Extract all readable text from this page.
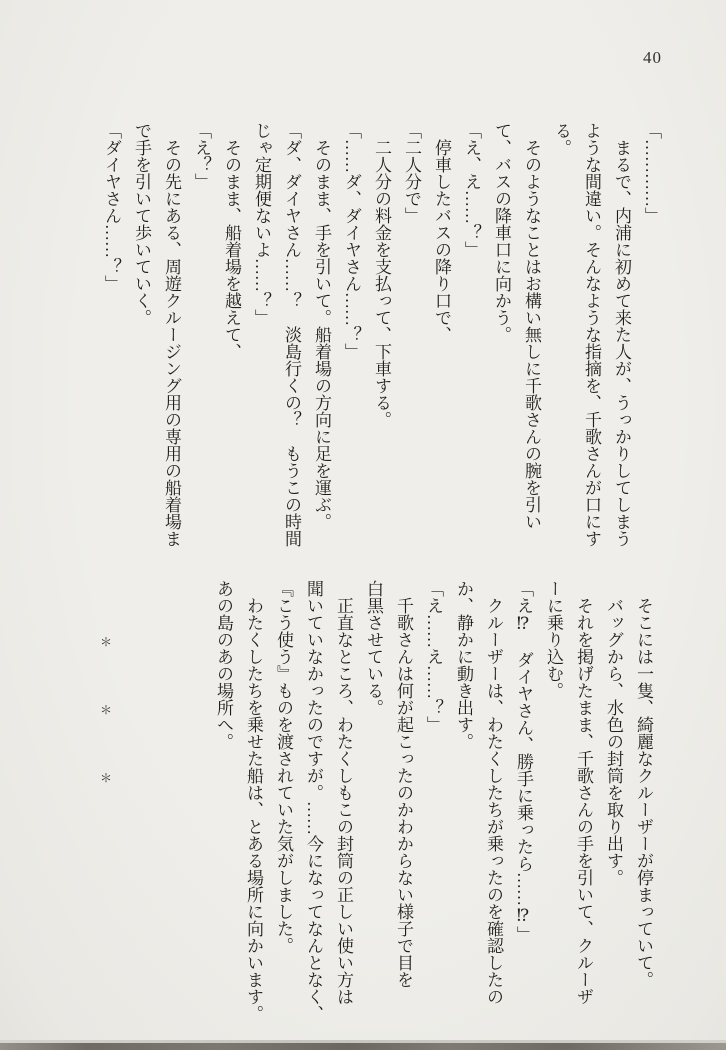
40

「…………」

　まるで、内浦に初めて来た人が、うっかりしてしまう

ような間違い。そんなような指摘を、千歌さんが口にす

る。

　そのようなことはお構い無しに千歌さんの腕を引い

て、バスの降車口に向かう。

「え、え……？」

　停車したバスの降り口で、

「二人分で」

　二人分の料金を支払って、下車する。

「……ダ、ダイヤさん……？」

　そのまま、手を引いて。船着場の方向に足を運ぶ。

「ダ、ダイヤさん……？　淡島行くの？　もうこの時間

じゃ定期便ないよ……？」

　そのまま、船着場を越えて、

「え？」

　その先にある、周遊クルージング用の専用の船着場ま

で手を引いて歩いていく。

「ダイヤさん……？」

　そこには一隻、綺麗なクルーザーが停まっていて。

　バッグから、水色の封筒を取り出す。

　それを掲げたまま、千歌さんの手を引いて、クルーザ

ーに乗り込む。

「え⁉　ダイヤさん、勝手に乗ったら……⁉」

　クルーザーは、わたくしたちが乗ったのを確認したの

か、静かに動き出す。

「え……え……？」

　千歌さんは何が起こったのかわからない様子で目を

白黒させている。

　正直なところ、わたくしもこの封筒の正しい使い方は

聞いていなかったのですが。……今になってなんとなく、

『こう使う』ものを渡されていた気がしました。

　わたくしたちを乗せた船は、とある場所に向かいます。

あの島のあの場所へ。

＊
＊
＊
